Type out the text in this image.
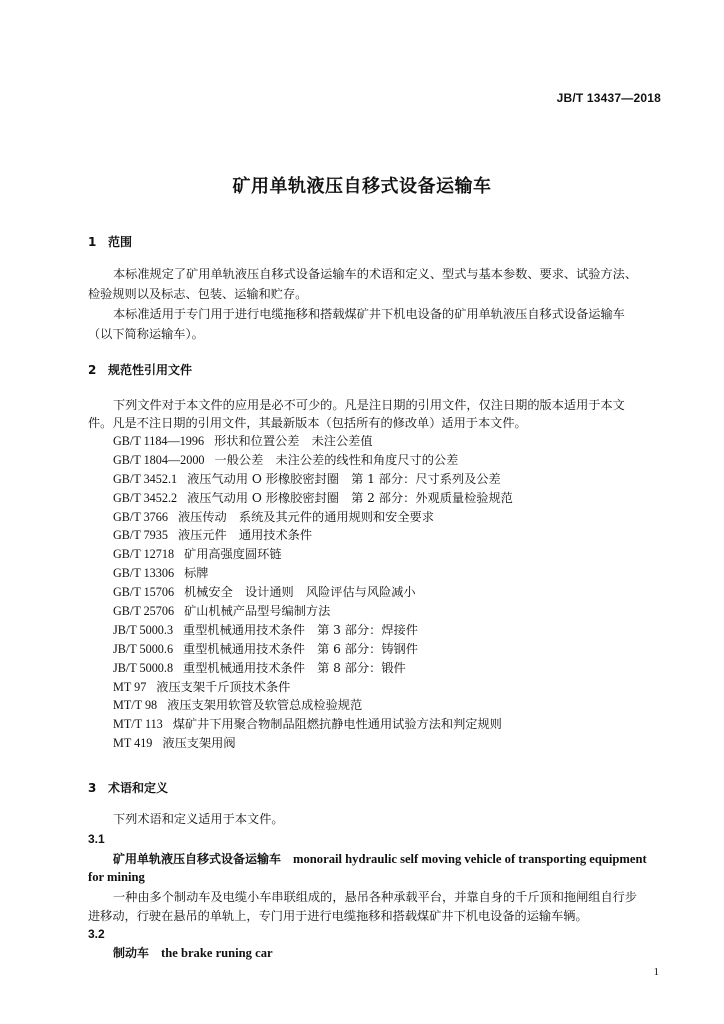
JB/T 13437—2018
矿用单轨液压自移式设备运输车
1 范围
本标准规定了矿用单轨液压自移式设备运输车的术语和定义、型式与基本参数、要求、试验方法、
检验规则以及标志、包装、运输和贮存。
本标准适用于专门用于进行电缆拖移和搭载煤矿井下机电设备的矿用单轨液压自移式设备运输车
（以下简称运输车）。
2 规范性引用文件
下列文件对于本文件的应用是必不可少的。凡是注日期的引用文件，仅注日期的版本适用于本文
件。凡是不注日期的引用文件，其最新版本（包括所有的修改单）适用于本文件。
GB/T 1184—1996 形状和位置公差　未注公差值
GB/T 1804—2000 一般公差　未注公差的线性和角度尺寸的公差
GB/T 3452.1 液压气动用 O 形橡胶密封圈　第 1 部分：尺寸系列及公差
GB/T 3452.2 液压气动用 O 形橡胶密封圈　第 2 部分：外观质量检验规范
GB/T 3766 液压传动　系统及其元件的通用规则和安全要求
GB/T 7935 液压元件　通用技术条件
GB/T 12718 矿用高强度圆环链
GB/T 13306 标牌
GB/T 15706 机械安全　设计通则　风险评估与风险减小
GB/T 25706 矿山机械产品型号编制方法
JB/T 5000.3 重型机械通用技术条件　第 3 部分：焊接件
JB/T 5000.6 重型机械通用技术条件　第 6 部分：铸钢件
JB/T 5000.8 重型机械通用技术条件　第 8 部分：锻件
MT 97 液压支架千斤顶技术条件
MT/T 98 液压支架用软管及软管总成检验规范
MT/T 113 煤矿井下用聚合物制品阻燃抗静电性通用试验方法和判定规则
MT 419 液压支架用阀
3 术语和定义
下列术语和定义适用于本文件。
3.1
矿用单轨液压自移式设备运输车 monorail hydraulic self moving vehicle of transporting equipment
for mining
一种由多个制动车及电缆小车串联组成的，悬吊各种承载平台，并靠自身的千斤顶和拖闸组自行步
进移动，行驶在悬吊的单轨上，专门用于进行电缆拖移和搭载煤矿井下机电设备的运输车辆。
3.2
制动车 the brake runing car
1
